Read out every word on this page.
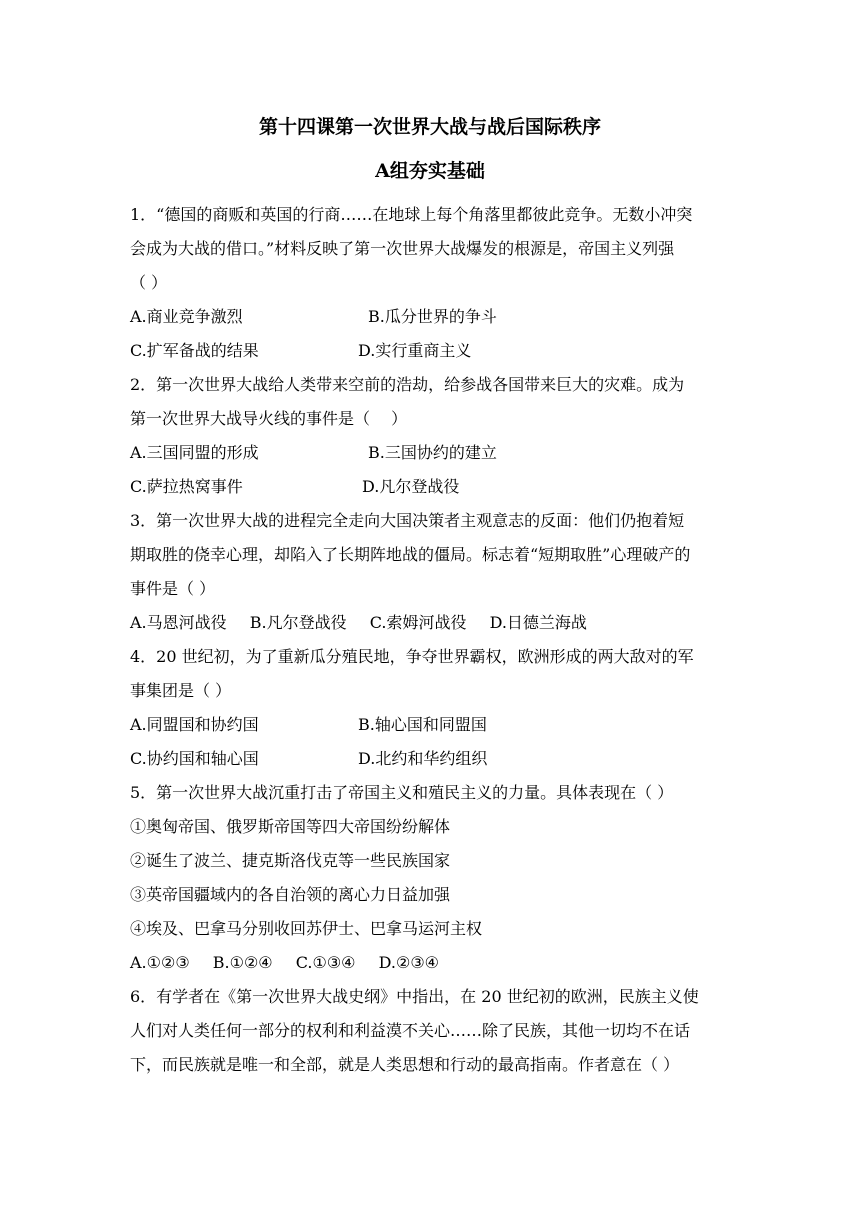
第十四课第一次世界大战与战后国际秩序
A组夯实基础
1．“德国的商贩和英国的行商……在地球上每个角落里都彼此竞争。无数小冲突
会成为大战的借口。”材料反映了第一次世界大战爆发的根源是，帝国主义列强
（ ）
A.商业竞争激烈	B.瓜分世界的争斗
C.扩军备战的结果	D.实行重商主义
2．第一次世界大战给人类带来空前的浩劫，给参战各国带来巨大的灾难。成为
第一次世界大战导火线的事件是（　 ）
A.三国同盟的形成	B.三国协约的建立
C.萨拉热窝事件	D.凡尔登战役
3．第一次世界大战的进程完全走向大国决策者主观意志的反面：他们仍抱着短
期取胜的侥幸心理，却陷入了长期阵地战的僵局。标志着“短期取胜”心理破产的
事件是（ ）
A.马恩河战役 B.凡尔登战役 C.索姆河战役 D.日德兰海战
4．20 世纪初，为了重新瓜分殖民地，争夺世界霸权，欧洲形成的两大敌对的军
事集团是（ ）
A.同盟国和协约国	B.轴心国和同盟国
C.协约国和轴心国	D.北约和华约组织
5．第一次世界大战沉重打击了帝国主义和殖民主义的力量。具体表现在（ ）
①奥匈帝国、俄罗斯帝国等四大帝国纷纷解体
②诞生了波兰、捷克斯洛伐克等一些民族国家
③英帝国疆域内的各自治领的离心力日益加强
④埃及、巴拿马分别收回苏伊士、巴拿马运河主权
A.①②③ B.①②④ C.①③④ D.②③④
6．有学者在《第一次世界大战史纲》中指出，在 20 世纪初的欧洲，民族主义使
人们对人类任何一部分的权利和利益漠不关心……除了民族，其他一切均不在话
下，而民族就是唯一和全部，就是人类思想和行动的最高指南。作者意在（ ）
